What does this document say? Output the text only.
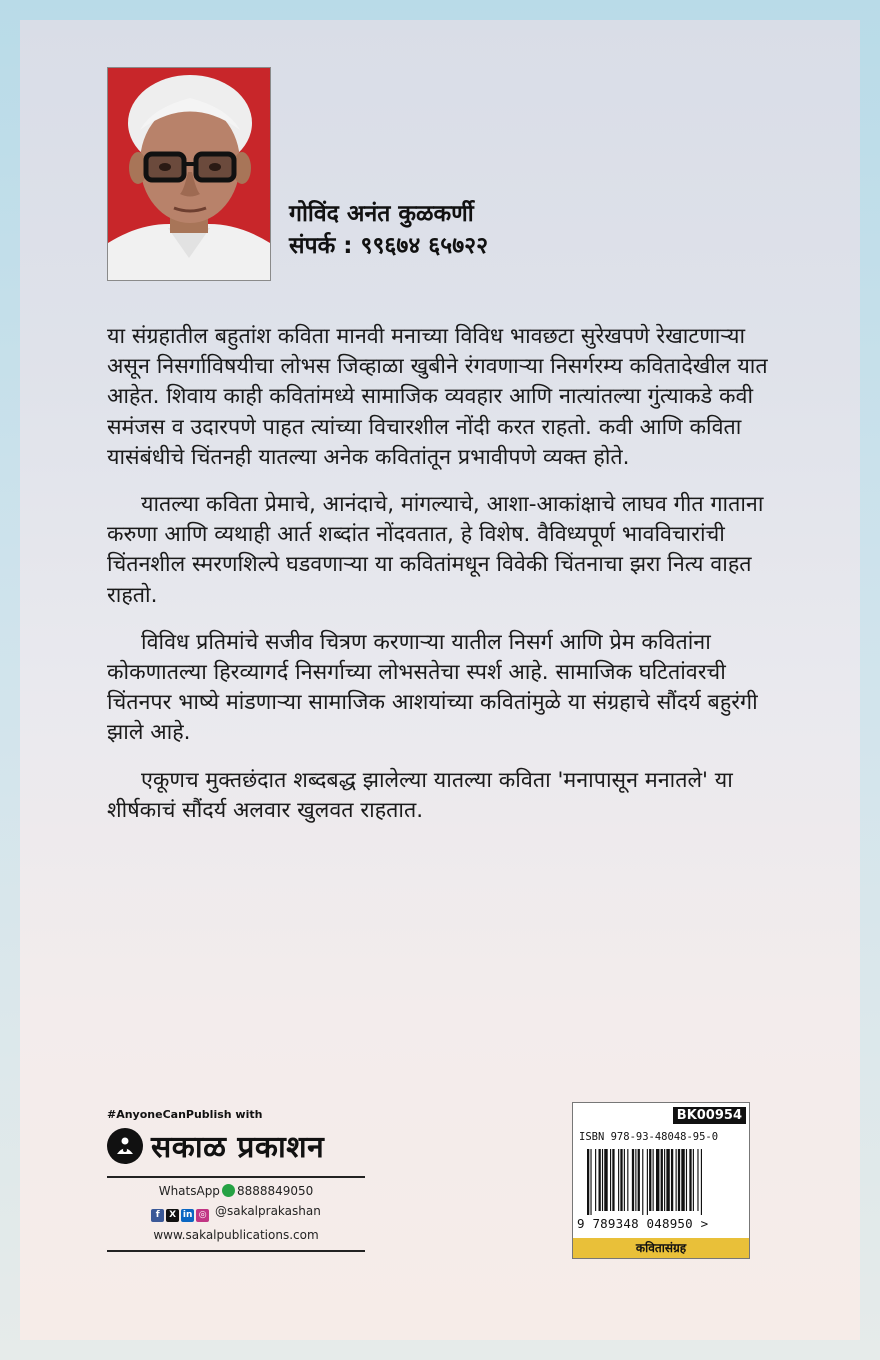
गोविंद अनंत कुळकर्णी
संपर्क : ९९६७४ ६५७२२

या संग्रहातील बहुतांश कविता मानवी मनाच्या विविध भावछटा सुरेखपणे रेखाटणाऱ्या असून निसर्गाविषयीचा लोभस जिव्हाळा खुबीने रंगवणाऱ्या निसर्गरम्य कवितादेखील यात आहेत. शिवाय काही कवितांमध्ये सामाजिक व्यवहार आणि नात्यांतल्या गुंत्याकडे कवी समंजस व उदारपणे पाहत त्यांच्या विचारशील नोंदी करत राहतो. कवी आणि कविता यासंबंधीचे चिंतनही यातल्या अनेक कवितांतून प्रभावीपणे व्यक्त होते.

यातल्या कविता प्रेमाचे, आनंदाचे, मांगल्याचे, आशा-आकांक्षाचे लाघव गीत गाताना करुणा आणि व्यथाही आर्त शब्दांत नोंदवतात, हे विशेष. वैविध्यपूर्ण भावविचारांची चिंतनशील स्मरणशिल्पे घडवणाऱ्या या कवितांमधून विवेकी चिंतनाचा झरा नित्य वाहत राहतो.

विविध प्रतिमांचे सजीव चित्रण करणाऱ्या यातील निसर्ग आणि प्रेम कवितांना कोकणातल्या हिरव्यागर्द निसर्गाच्या लोभसतेचा स्पर्श आहे. सामाजिक घटितांवरची चिंतनपर भाष्ये मांडणाऱ्या सामाजिक आशयांच्या कवितांमुळे या संग्रहाचे सौंदर्य बहुरंगी झाले आहे.

एकूणच मुक्तछंदात शब्दबद्ध झालेल्या यातल्या कविता 'मनापासून मनातले' या शीर्षकाचं सौंदर्य अलवार खुलवत राहतात.

#AnyoneCanPublish with
सकाळ प्रकाशन
WhatsApp 8888849050
f X in ◎ @sakalprakashan
www.sakalpublications.com
BK00954
ISBN 978-93-48048-95-0
9 789348 048950 >
कवितासंग्रह
